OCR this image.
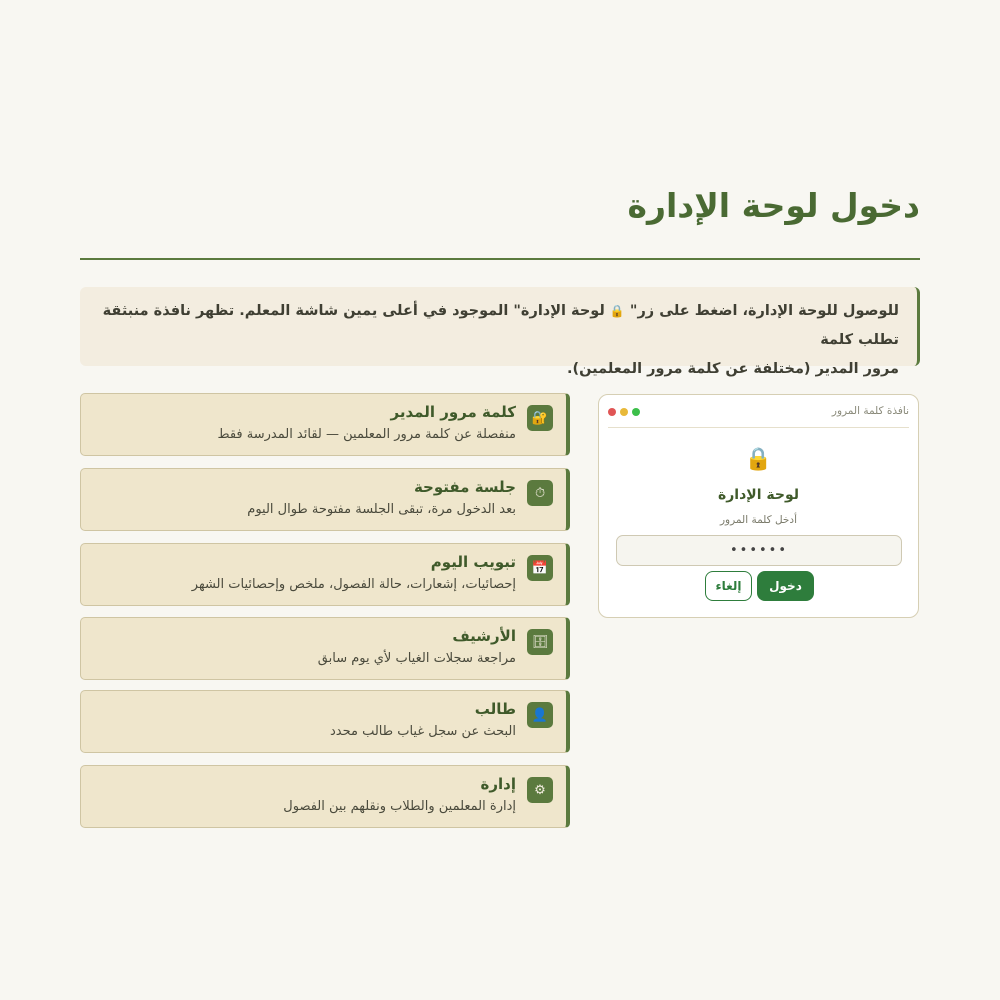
دخول لوحة الإدارة
للوصول للوحة الإدارة، اضغط على زر" 🔒 لوحة الإدارة" الموجود في أعلى يمين شاشة المعلم. تظهر نافذة منبثقة تطلب كلمة
مرور المدير (مختلفة عن كلمة مرور المعلمين).
🔐
كلمة مرور المدير
منفصلة عن كلمة مرور المعلمين — لقائد المدرسة فقط
⏱
جلسة مفتوحة
بعد الدخول مرة، تبقى الجلسة مفتوحة طوال اليوم
📅
تبويب اليوم
إحصائيات، إشعارات، حالة الفصول، ملخص وإحصائيات الشهر
🗄
الأرشيف
مراجعة سجلات الغياب لأي يوم سابق
👤
طالب
البحث عن سجل غياب طالب محدد
⚙
إدارة
إدارة المعلمين والطلاب ونقلهم بين الفصول
نافذة كلمة المرور
🔒
لوحة الإدارة
أدخل كلمة المرور
••••••
دخول
إلغاء
